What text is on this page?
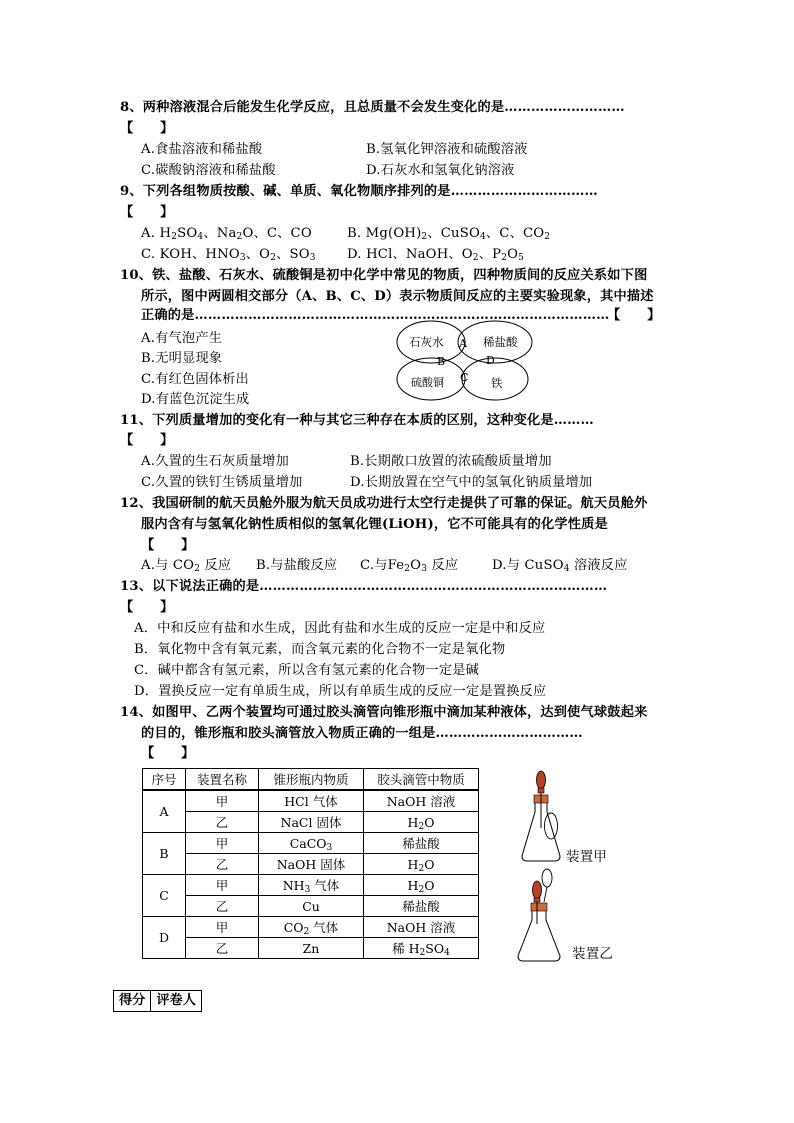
8、两种溶液混合后能发生化学反应，且总质量不会发生变化的是………………………
【　　】
A.食盐溶液和稀盐酸	B.氢氧化钾溶液和硫酸溶液
C.碳酸钠溶液和稀盐酸	D.石灰水和氢氧化钠溶液
9、下列各组物质按酸、碱、单质、氧化物顺序排列的是……………………………
【　　】
A. $H_2SO_4$、$Na_2O$、C、CO	B. $Mg(OH)_2$、CuSO$_4$、C、$CO_2$
C. KOH、$HNO_3$、$O_2$、$SO_3$ D. HCl、NaOH、$O_2$、$P_2O_5$
10、铁、盐酸、石灰水、硫酸铜是初中化学中常见的物质，四种物质间的反应关系如下图
所示，图中两圆相交部分（A、B、C、D）表示物质间反应的主要实验现象，其中描述
正确的是…………………………………………………………………………………
【　　】
A.有气泡产生
B.无明显现象
C.有红色固体析出
D.有蓝色沉淀生成
石灰水	稀盐酸
硫酸铜	铁
A
B
C
D
11、下列质量增加的变化有一种与其它三种存在本质的区别，这种变化是………
【　　】
A.久置的生石灰质量增加	B.长期敞口放置的浓硫酸质量增加
C.久置的铁钉生锈质量增加	D.长期放置在空气中的氢氧化钠质量增加
12、我国研制的航天员舱外服为航天员成功进行太空行走提供了可靠的保证。航天员舱外
服内含有与氢氧化钠性质相似的氢氧化锂(LiOH)，它不可能具有的化学性质是
【　　】
A.与 $CO_2$ 反应 B.与盐酸反应 C.与$Fe_2O_3$ 反应	D.与 CuSO$_4$ 溶液反应
13、以下说法正确的是……………………………………………………………………
【　　】
A．中和反应有盐和水生成，因此有盐和水生成的反应一定是中和反应
B．氧化物中含有氧元素，而含氧元素的化合物不一定是氧化物
C．碱中都含有氢元素，所以含有氢元素的化合物一定是碱
D．置换反应一定有单质生成，所以有单质生成的反应一定是置换反应
14、如图甲、乙两个装置均可通过胶头滴管向锥形瓶中滴加某种液体，达到使气球鼓起来
的目的，锥形瓶和胶头滴管放入物质正确的一组是……………………………
【　　】
序号	装置名称	锥形瓶内物质	胶头滴管中物质
A	甲	HCl 气体	NaOH 溶液
	乙	NaCl 固体	$H_2O$
B	甲	CaCO$_3$	稀盐酸
	乙	NaOH 固体	$H_2O$
C	甲	$NH_3$ 气体	$H_2O$
	乙	Cu	稀盐酸
D	甲	$CO_2$ 气体	NaOH 溶液
	乙	Zn	稀 $H_2SO_4$
装置甲
装置乙
得分 评卷人
